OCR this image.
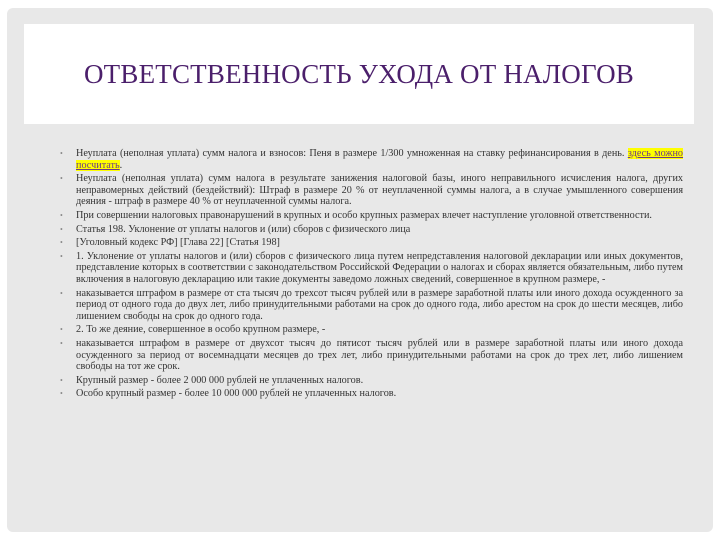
ОТВЕТСТВЕННОСТЬ УХОДА ОТ НАЛОГОВ
• Неуплата (неполная уплата) сумм налога и взносов: Пеня в размере 1/300 умноженная на ставку рефинансирования в день. здесь можно посчитать.
• Неуплата (неполная уплата) сумм налога в результате занижения налоговой базы, иного неправильного исчисления налога, других неправомерных действий (бездействий): Штраф в размере 20 % от неуплаченной суммы налога, а в случае умышленного совершения деяния - штраф в размере 40 % от неуплаченной суммы налога.
• При совершении налоговых правонарушений в крупных и особо крупных размерах влечет наступление уголовной ответственности.
• Статья 198. Уклонение от уплаты налогов и (или) сборов с физического лица
• [Уголовный кодекс РФ] [Глава 22] [Статья 198]
• 1. Уклонение от уплаты налогов и (или) сборов с физического лица путем непредставления налоговой декларации или иных документов, представление которых в соответствии с законодательством Российской Федерации о налогах и сборах является обязательным, либо путем включения в налоговую декларацию или такие документы заведомо ложных сведений, совершенное в крупном размере, -
• наказывается штрафом в размере от ста тысяч до трехсот тысяч рублей или в размере заработной платы или иного дохода осужденного за период от одного года до двух лет, либо принудительными работами на срок до одного года, либо арестом на срок до шести месяцев, либо лишением свободы на срок до одного года.
• 2. То же деяние, совершенное в особо крупном размере, -
• наказывается штрафом в размере от двухсот тысяч до пятисот тысяч рублей или в размере заработной платы или иного дохода осужденного за период от восемнадцати месяцев до трех лет, либо принудительными работами на срок до трех лет, либо лишением свободы на тот же срок.
• Крупный размер - более 2 000 000 рублей не уплаченных налогов.
• Особо крупный размер - более 10 000 000 рублей не уплаченных налогов.
